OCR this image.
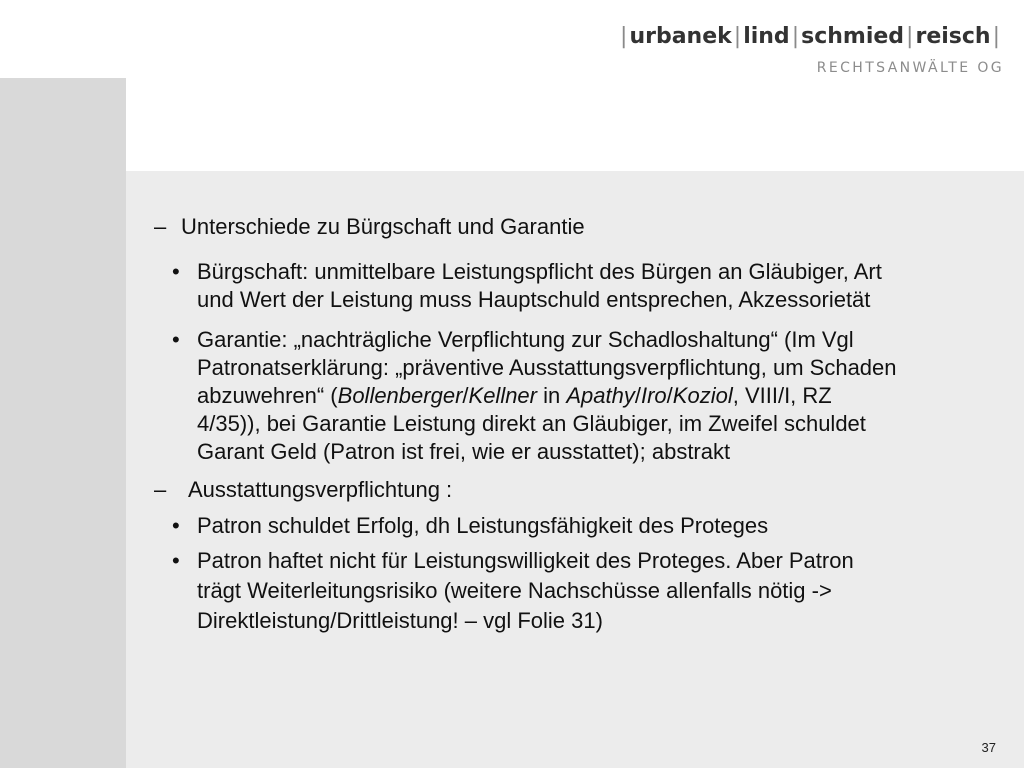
|urbanek|lind|schmied|reisch|
RECHTSANWÄLTE OG
– Unterschiede zu Bürgschaft und Garantie
• Bürgschaft: unmittelbare Leistungspflicht des Bürgen an Gläubiger, Art
und Wert der Leistung muss Hauptschuld entsprechen, Akzessorietät
• Garantie: „nachträgliche Verpflichtung zur Schadloshaltung“ (Im Vgl
Patronatserklärung: „präventive Ausstattungsverpflichtung, um Schaden
abzuwehren“ (Bollenberger/Kellner in Apathy/Iro/Koziol, VIII/I, RZ
4/35)), bei Garantie Leistung direkt an Gläubiger, im Zweifel schuldet
Garant Geld (Patron ist frei, wie er ausstattet); abstrakt
– Ausstattungsverpflichtung :
• Patron schuldet Erfolg, dh Leistungsfähigkeit des Proteges
• Patron haftet nicht für Leistungswilligkeit des Proteges. Aber Patron
trägt Weiterleitungsrisiko (weitere Nachschüsse allenfalls nötig ->
Direktleistung/Drittleistung! – vgl Folie 31)
37
